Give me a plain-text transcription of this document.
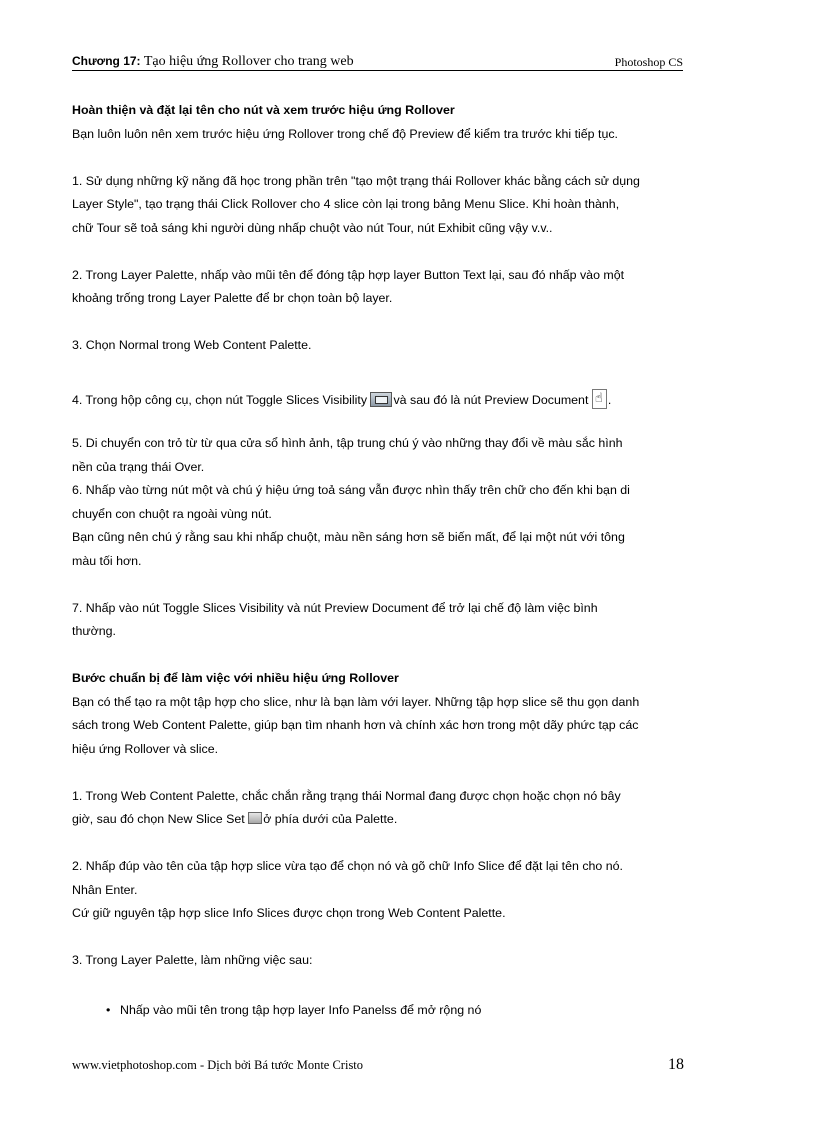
Chương 17: Tạo hiệu ứng Rollover cho trang web	Photoshop CS

Hoàn thiện và đặt lại tên cho nút và xem trước hiệu ứng Rollover

Bạn luôn luôn nên xem trước hiệu ứng Rollover trong chế độ Preview để kiểm tra trước khi tiếp tục.

1. Sử dụng những kỹ năng đã học trong phần trên "tạo một trạng thái Rollover khác bằng cách sử dụng

Layer Style", tạo trạng thái Click Rollover cho 4 slice còn lại trong bảng Menu Slice. Khi hoàn thành,

chữ Tour sẽ toả sáng khi người dùng nhấp chuột vào nút Tour, nút Exhibit cũng vậy v.v..

2. Trong Layer Palette, nhấp vào mũi tên để đóng tập hợp layer Button Text lại, sau đó nhấp vào một

khoảng trống trong Layer Palette để br chọn toàn bộ layer.

3. Chọn Normal trong Web Content Palette.

4. Trong hộp công cụ, chọn nút Toggle Slices Visibility và sau đó là nút Preview Document ☝.

5. Di chuyển con trỏ từ từ qua cửa sổ hình ảnh, tập trung chú ý vào những thay đổi về màu sắc hình

nền của trạng thái Over.

6. Nhấp vào từng nút một và chú ý hiệu ứng toả sáng vẫn được nhìn thấy trên chữ cho đến khi bạn di

chuyển con chuột ra ngoài vùng nút.

Bạn cũng nên chú ý rằng sau khi nhấp chuột, màu nền sáng hơn sẽ biến mất, để lại một nút với tông

màu tối hơn.

7. Nhấp vào nút Toggle Slices Visibility và nút Preview Document để trở lại chế độ làm việc bình

thường.

Bước chuẩn bị để làm việc với nhiều hiệu ứng Rollover

Bạn có thể tạo ra một tập hợp cho slice, như là bạn làm với layer. Những tập hợp slice sẽ thu gọn danh

sách trong Web Content Palette, giúp bạn tìm nhanh hơn và chính xác hơn trong một dãy phức tạp các

hiệu ứng Rollover và slice.

1. Trong Web Content Palette, chắc chắn rằng trạng thái Normal đang được chọn hoặc chọn nó bây

giờ, sau đó chọn New Slice Set ở phía dưới của Palette.

2. Nhấp đúp vào tên của tập hợp slice vừa tạo để chọn nó và gõ chữ Info Slice để đặt lại tên cho nó.

Nhân Enter.

Cứ giữ nguyên tập hợp slice Info Slices được chọn trong Web Content Palette.

3. Trong Layer Palette, làm những việc sau:

• Nhấp vào mũi tên trong tập hợp layer Info Panelss để mở rộng nó
www.vietphotoshop.com - Dịch bởi Bá tước Monte Cristo	18
